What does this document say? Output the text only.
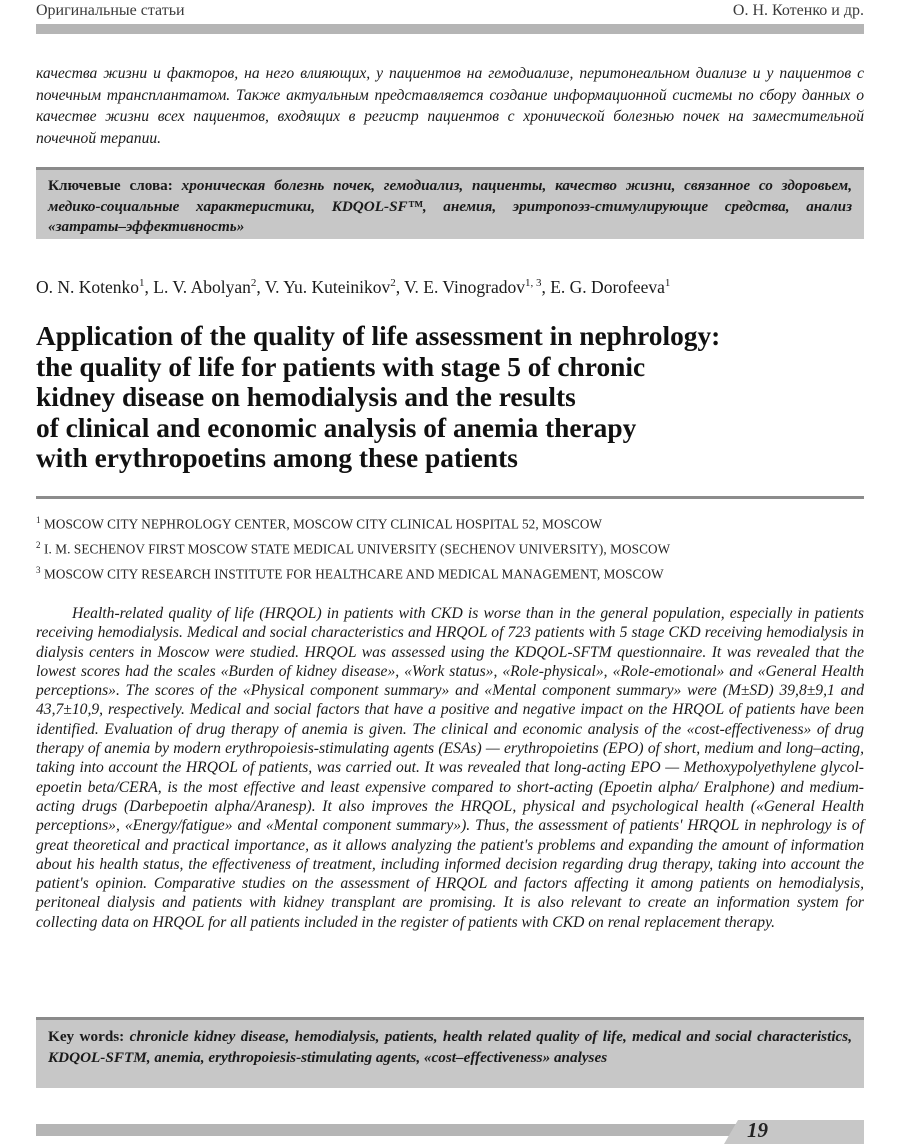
Оригинальные статьи	О. Н. Котенко и др.

качества жизни и факторов, на него влияющих, у пациентов на гемодиализе, перитонеальном диализе и у пациентов с почечным трансплантатом. Также актуальным представляется создание информационной системы по сбору данных о качестве жизни всех пациентов, входящих в регистр пациентов с хронической болезнью почек на заместительной почечной терапии.

Ключевые слова: хроническая болезнь почек, гемодиализ, пациенты, качество жизни, связанное со здоровьем, медико-социальные характеристики, KDQOL-SF™, анемия, эритропоэз-стимулирующие средства, анализ «затраты–эффективность»

O. N. Kotenko$^1$, L. V. Abolyan$^2$, V. Yu. Kuteinikov$^2$, V. E. Vinogradov$^{1, 3}$, E. G. Dorofeeva$^1$

Application of the quality of life assessment in nephrology:
the quality of life for patients with stage 5 of chronic
kidney disease on hemodialysis and the results
of clinical and economic analysis of anemia therapy
with erythropoetins among these patients
$^1$ MOSCOW CITY NEPHROLOGY CENTER, MOSCOW CITY CLINICAL HOSPITAL 52, MOSCOW
$^2$ I. M. SECHENOV FIRST MOSCOW STATE MEDICAL UNIVERSITY (SECHENOV UNIVERSITY), MOSCOW
$^3$ MOSCOW CITY RESEARCH INSTITUTE FOR HEALTHCARE AND MEDICAL MANAGEMENT, MOSCOW

Health-related quality of life (HRQOL) in patients with CKD is worse than in the general population, especially in patients receiving hemodialysis. Medical and social characteristics and HRQOL of 723 patients with 5 stage CKD receiving hemodialysis in dialysis centers in Moscow were studied. HRQOL was assessed using the KDQOL-SFTM questionnaire. It was revealed that the lowest scores had the scales «Burden of kidney disease», «Work status», «Role-physical», «Role-emotional» and «General Health perceptions». The scores of the «Physical component summary» and «Mental component summary» were (M±SD) 39,8±9,1 and 43,7±10,9, respectively. Medical and social factors that have a positive and negative impact on the HRQOL of patients have been identified. Evaluation of drug therapy of anemia is given. The clinical and economic analysis of the «cost-effectiveness» of drug therapy of anemia by modern erythropoiesis-stimulating agents (ESAs) — erythropoietins (EPO) of short, medium and long–acting, taking into account the HRQOL of patients, was carried out. It was revealed that long-acting EPO — Methoxypolyethylene glycol-epoetin beta/CERA, is the most effective and least expensive compared to short-acting (Epoetin alpha/ Eralphone) and medium-acting drugs (Darbepoetin alpha/Aranesp). It also improves the HRQOL, physical and psychological health («General Health perceptions», «Energy/fatigue» and «Mental component summary»). Thus, the assessment of patients' HRQOL in nephrology is of great theoretical and practical importance, as it allows analyzing the patient's problems and expanding the amount of information about his health status, the effectiveness of treatment, including informed decision regarding drug therapy, taking into account the patient's opinion. Comparative studies on the assessment of HRQOL and factors affecting it among patients on hemodialysis, peritoneal dialysis and patients with kidney transplant are promising. It is also relevant to create an information system for collecting data on HRQOL for all patients included in the register of patients with CKD on renal replacement therapy.

Key words: chronicle kidney disease, hemodialysis, patients, health related quality of life, medical and social characteristics, KDQOL-SFTM, anemia, erythropoiesis-stimulating agents, «cost–effectiveness» analyses
19
